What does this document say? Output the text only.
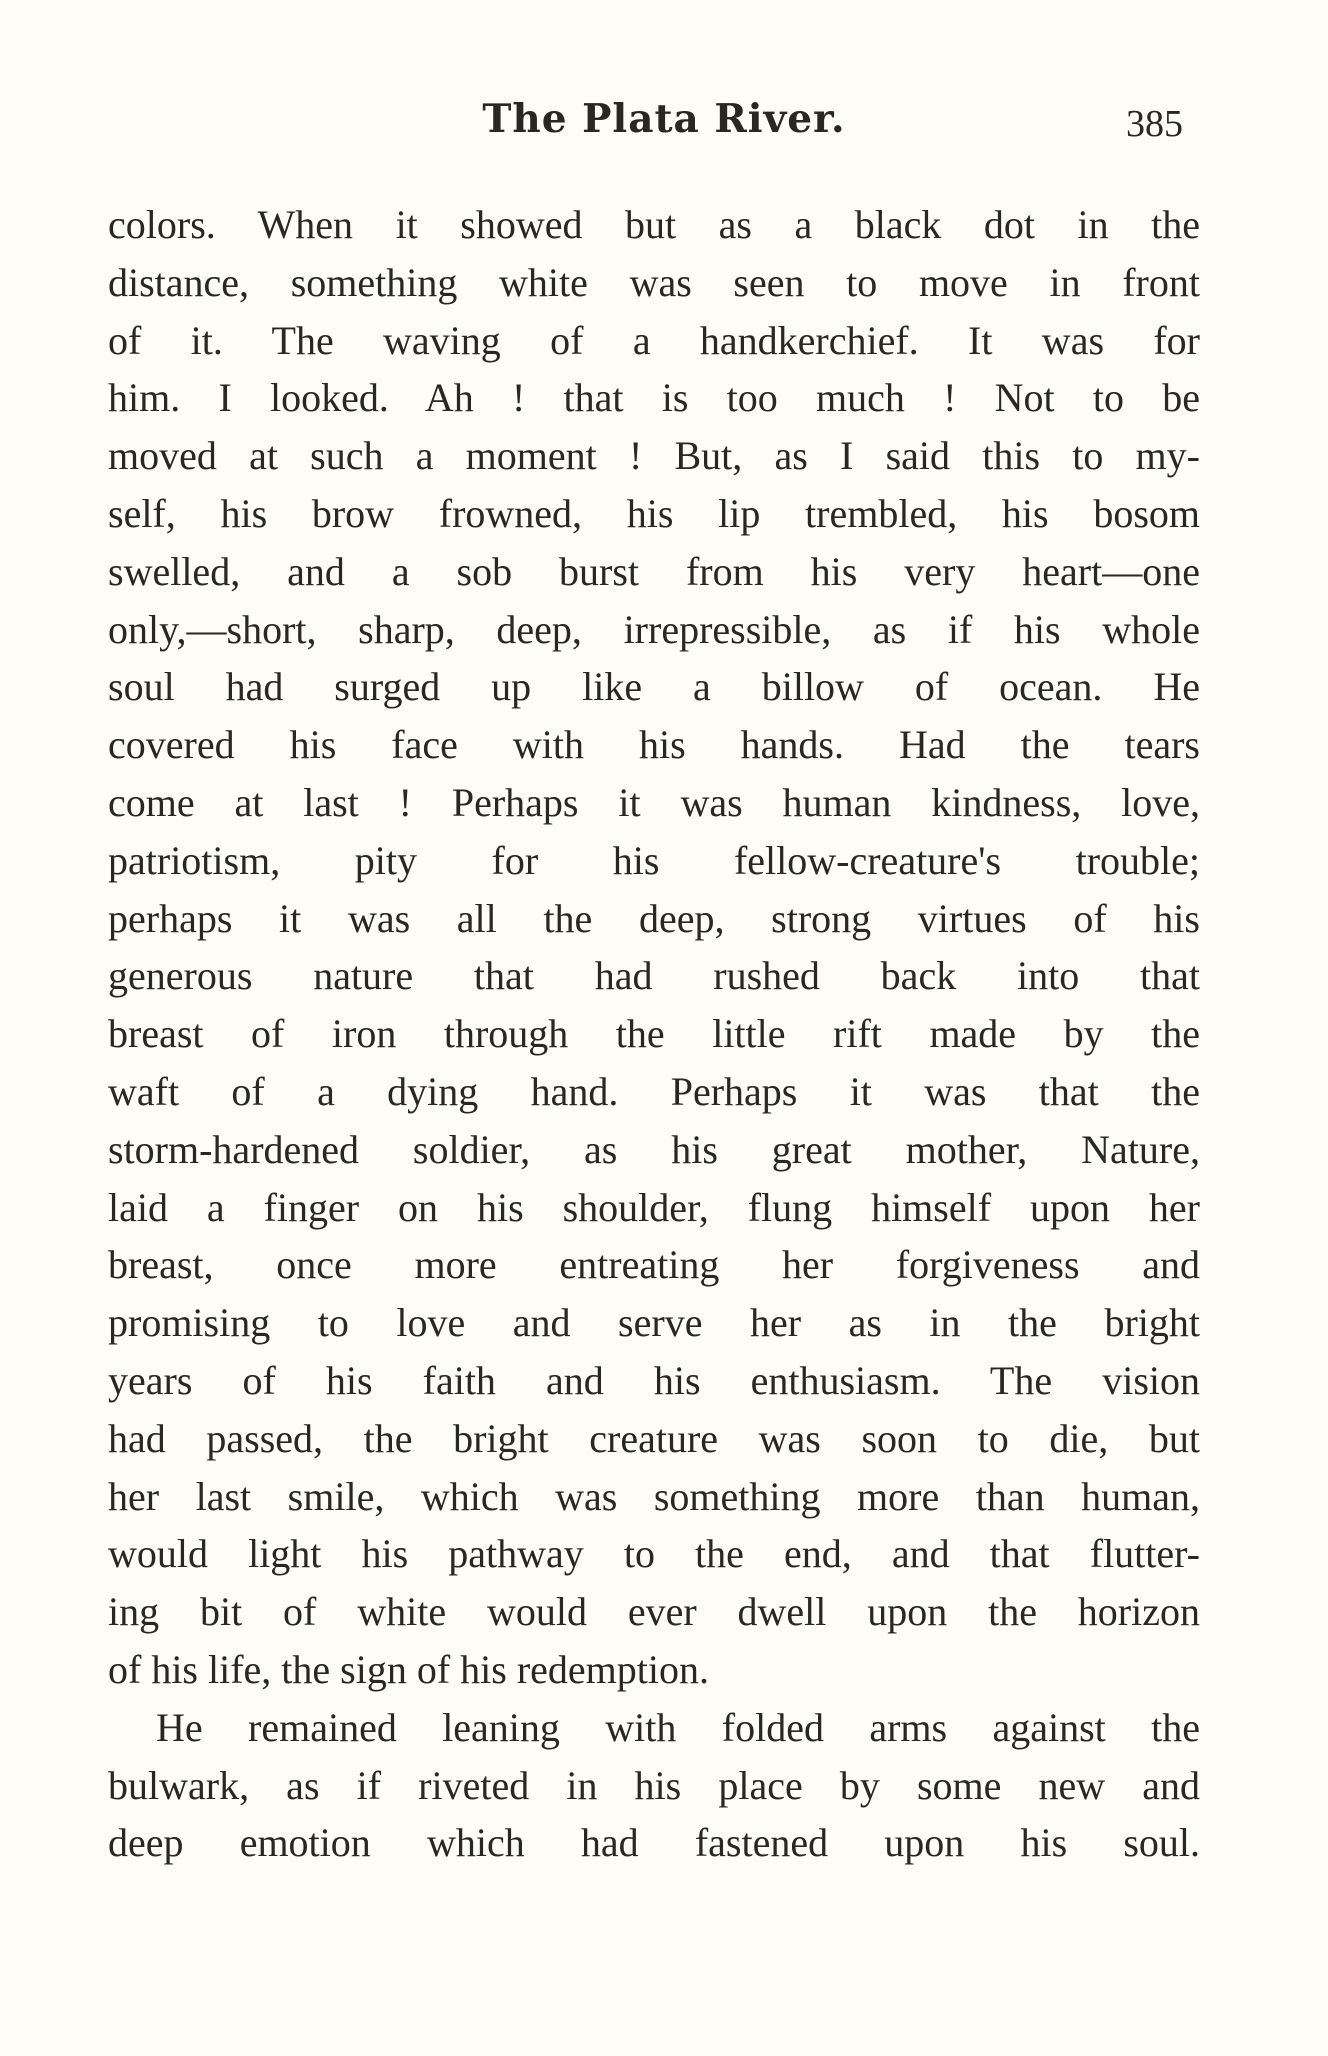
The Plata River.	385
colors. When it showed but as a black dot in the
distance, something white was seen to move in front
of it. The waving of a handkerchief. It was for
him. I looked. Ah ! that is too much ! Not to be
moved at such a moment ! But, as I said this to my-
self, his brow frowned, his lip trembled, his bosom
swelled, and a sob burst from his very heart—one
only,—short, sharp, deep, irrepressible, as if his whole
soul had surged up like a billow of ocean. He
covered his face with his hands. Had the tears
come at last ! Perhaps it was human kindness, love,
patriotism, pity for his fellow-creature's trouble;
perhaps it was all the deep, strong virtues of his
generous nature that had rushed back into that
breast of iron through the little rift made by the
waft of a dying hand. Perhaps it was that the
storm-hardened soldier, as his great mother, Nature,
laid a finger on his shoulder, flung himself upon her
breast, once more entreating her forgiveness and
promising to love and serve her as in the bright
years of his faith and his enthusiasm. The vision
had passed, the bright creature was soon to die, but
her last smile, which was something more than human,
would light his pathway to the end, and that flutter-
ing bit of white would ever dwell upon the horizon
of his life, the sign of his redemption.
He remained leaning with folded arms against the
bulwark, as if riveted in his place by some new and
deep emotion which had fastened upon his soul.
